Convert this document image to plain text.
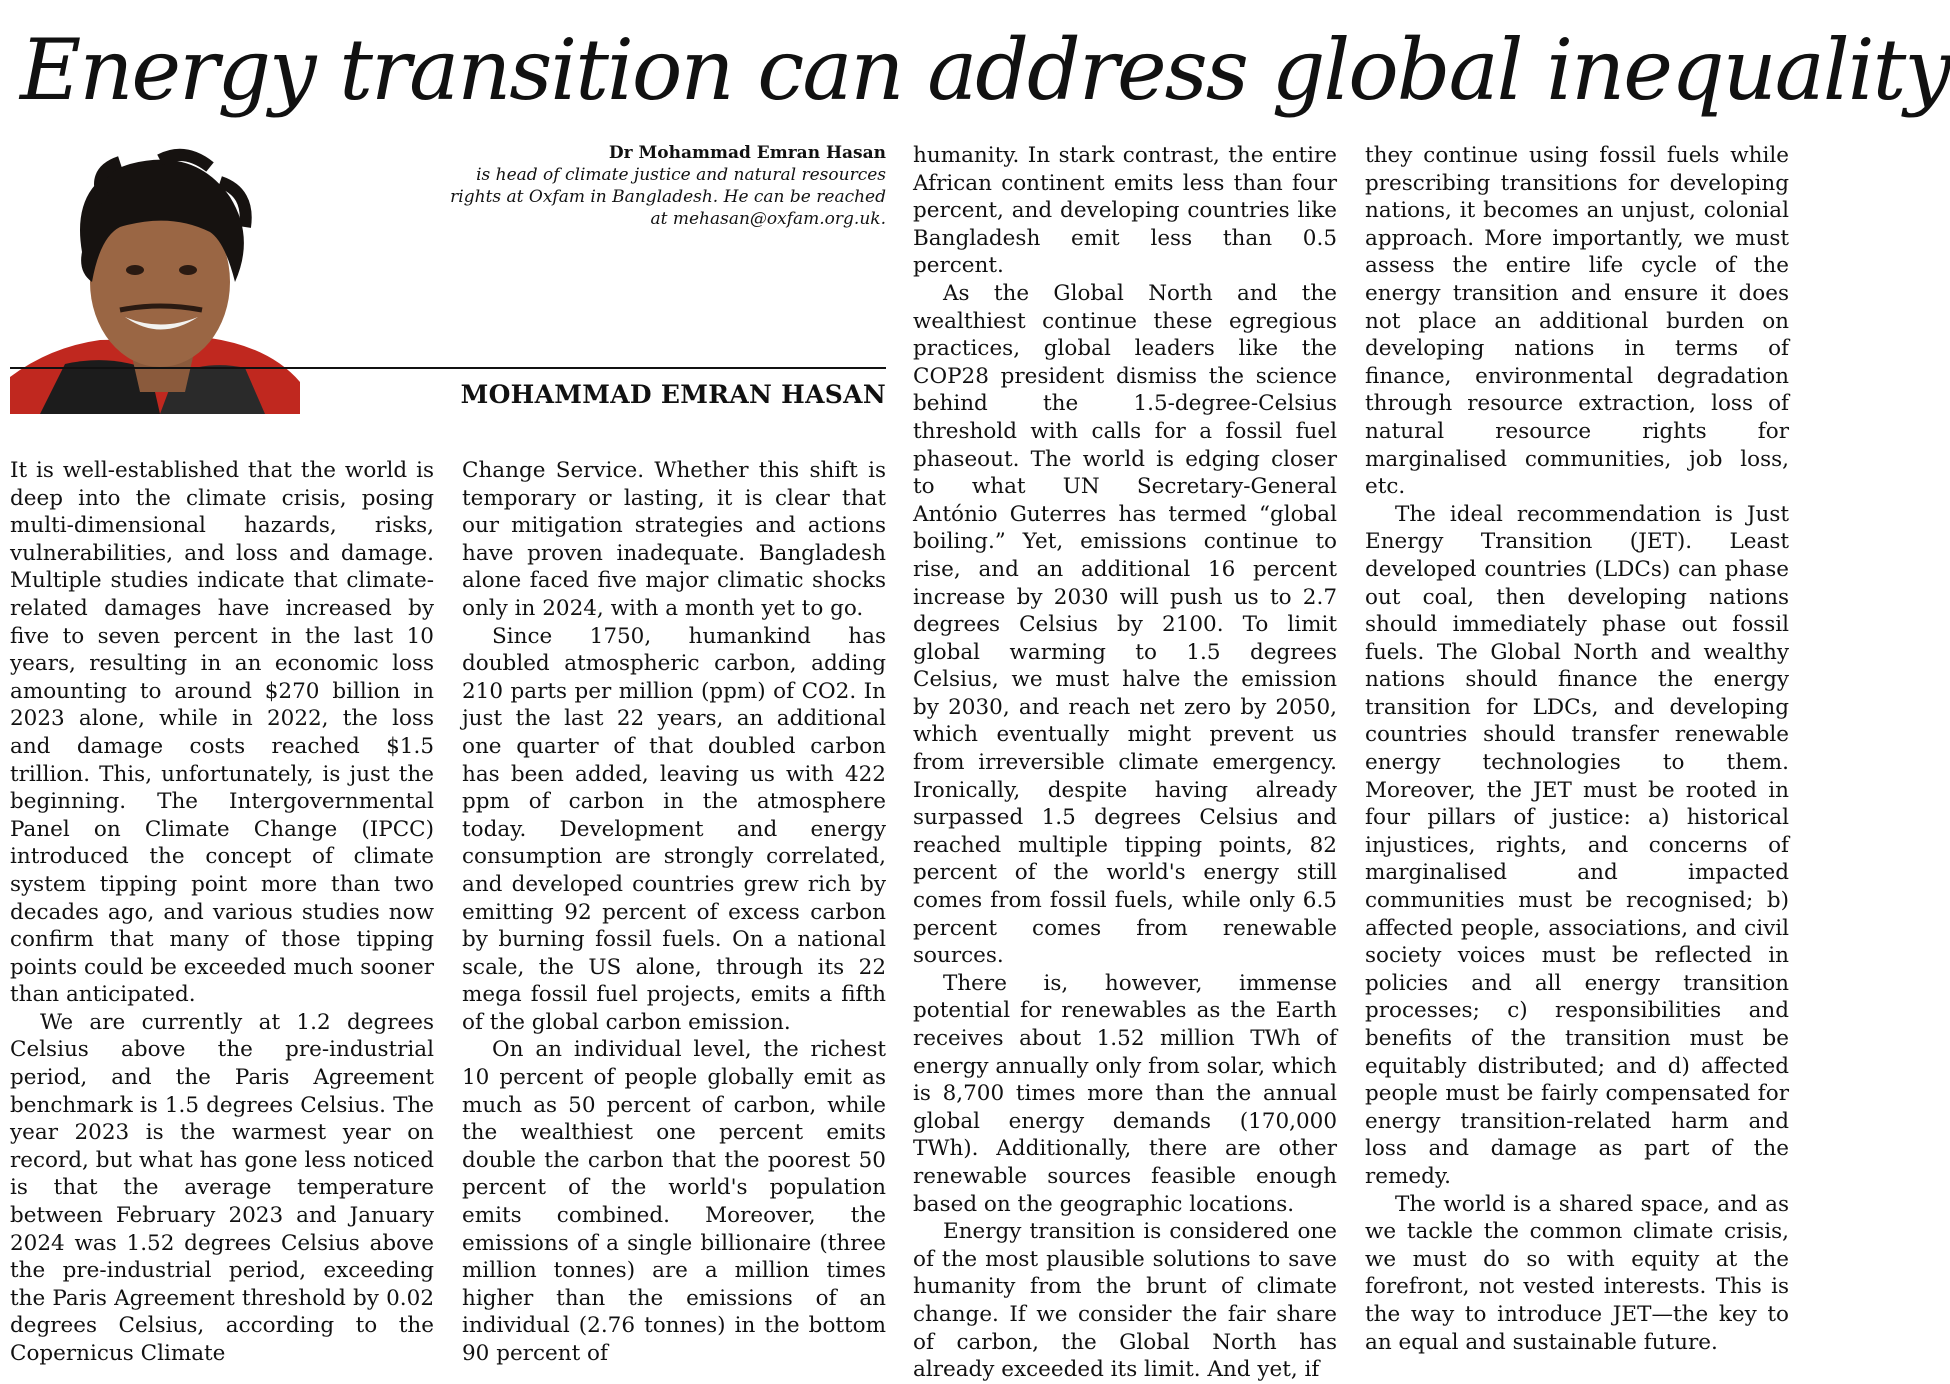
Energy transition can address global inequality
Dr Mohammad Emran Hasan
is head of climate justice and natural resources rights at Oxfam in Bangladesh. He can be reached at mehasan@oxfam.org.uk.
MOHAMMAD EMRAN HASAN

It is well-established that the world is deep into the climate crisis, posing multi-dimensional hazards, risks, vulnerabilities, and loss and damage. Multiple studies indicate that climate-related damages have increased by five to seven percent in the last 10 years, resulting in an economic loss amounting to around $270 billion in 2023 alone, while in 2022, the loss and damage costs reached $1.5 trillion. This, unfortunately, is just the beginning. The Intergovernmental Panel on Climate Change (IPCC) introduced the concept of climate system tipping point more than two decades ago, and various studies now confirm that many of those tipping points could be exceeded much sooner than anticipated.

We are currently at 1.2 degrees Celsius above the pre-industrial period, and the Paris Agreement benchmark is 1.5 degrees Celsius. The year 2023 is the warmest year on record, but what has gone less noticed is that the average temperature between February 2023 and January 2024 was 1.52 degrees Celsius above the pre-industrial period, exceeding the Paris Agreement threshold by 0.02 degrees Celsius, according to the Copernicus Climate

Change Service. Whether this shift is temporary or lasting, it is clear that our mitigation strategies and actions have proven inadequate. Bangladesh alone faced five major climatic shocks only in 2024, with a month yet to go.

Since 1750, humankind has doubled atmospheric carbon, adding 210 parts per million (ppm) of CO2. In just the last 22 years, an additional one quarter of that doubled carbon has been added, leaving us with 422 ppm of carbon in the atmosphere today. Development and energy consumption are strongly correlated, and developed countries grew rich by emitting 92 percent of excess carbon by burning fossil fuels. On a national scale, the US alone, through its 22 mega fossil fuel projects, emits a fifth of the global carbon emission.

On an individual level, the richest 10 percent of people globally emit as much as 50 percent of carbon, while the wealthiest one percent emits double the carbon that the poorest 50 percent of the world's population emits combined. Moreover, the emissions of a single billionaire (three million tonnes) are a million times higher than the emissions of an individual (2.76 tonnes) in the bottom 90 percent of

humanity. In stark contrast, the entire African continent emits less than four percent, and developing countries like Bangladesh emit less than 0.5 percent.

As the Global North and the wealthiest continue these egregious practices, global leaders like the COP28 president dismiss the science behind the 1.5-degree-Celsius threshold with calls for a fossil fuel phaseout. The world is edging closer to what UN Secretary-General António Guterres has termed “global boiling.” Yet, emissions continue to rise, and an additional 16 percent increase by 2030 will push us to 2.7 degrees Celsius by 2100. To limit global warming to 1.5 degrees Celsius, we must halve the emission by 2030, and reach net zero by 2050, which eventually might prevent us from irreversible climate emergency. Ironically, despite having already surpassed 1.5 degrees Celsius and reached multiple tipping points, 82 percent of the world's energy still comes from fossil fuels, while only 6.5 percent comes from renewable sources.

There is, however, immense potential for renewables as the Earth receives about 1.52 million TWh of energy annually only from solar, which is 8,700 times more than the annual global energy demands (170,000 TWh). Additionally, there are other renewable sources feasible enough based on the geographic locations.

Energy transition is considered one of the most plausible solutions to save humanity from the brunt of climate change. If we consider the fair share of carbon, the Global North has already exceeded its limit. And yet, if

they continue using fossil fuels while prescribing transitions for developing nations, it becomes an unjust, colonial approach. More importantly, we must assess the entire life cycle of the energy transition and ensure it does not place an additional burden on developing nations in terms of finance, environmental degradation through resource extraction, loss of natural resource rights for marginalised communities, job loss, etc.

The ideal recommendation is Just Energy Transition (JET). Least developed countries (LDCs) can phase out coal, then developing nations should immediately phase out fossil fuels. The Global North and wealthy nations should finance the energy transition for LDCs, and developing countries should transfer renewable energy technologies to them. Moreover, the JET must be rooted in four pillars of justice: a) historical injustices, rights, and concerns of marginalised and impacted communities must be recognised; b) affected people, associations, and civil society voices must be reflected in policies and all energy transition processes; c) responsibilities and benefits of the transition must be equitably distributed; and d) affected people must be fairly compensated for energy transition-related harm and loss and damage as part of the remedy.

The world is a shared space, and as we tackle the common climate crisis, we must do so with equity at the forefront, not vested interests. This is the way to introduce JET—the key to an equal and sustainable future.
